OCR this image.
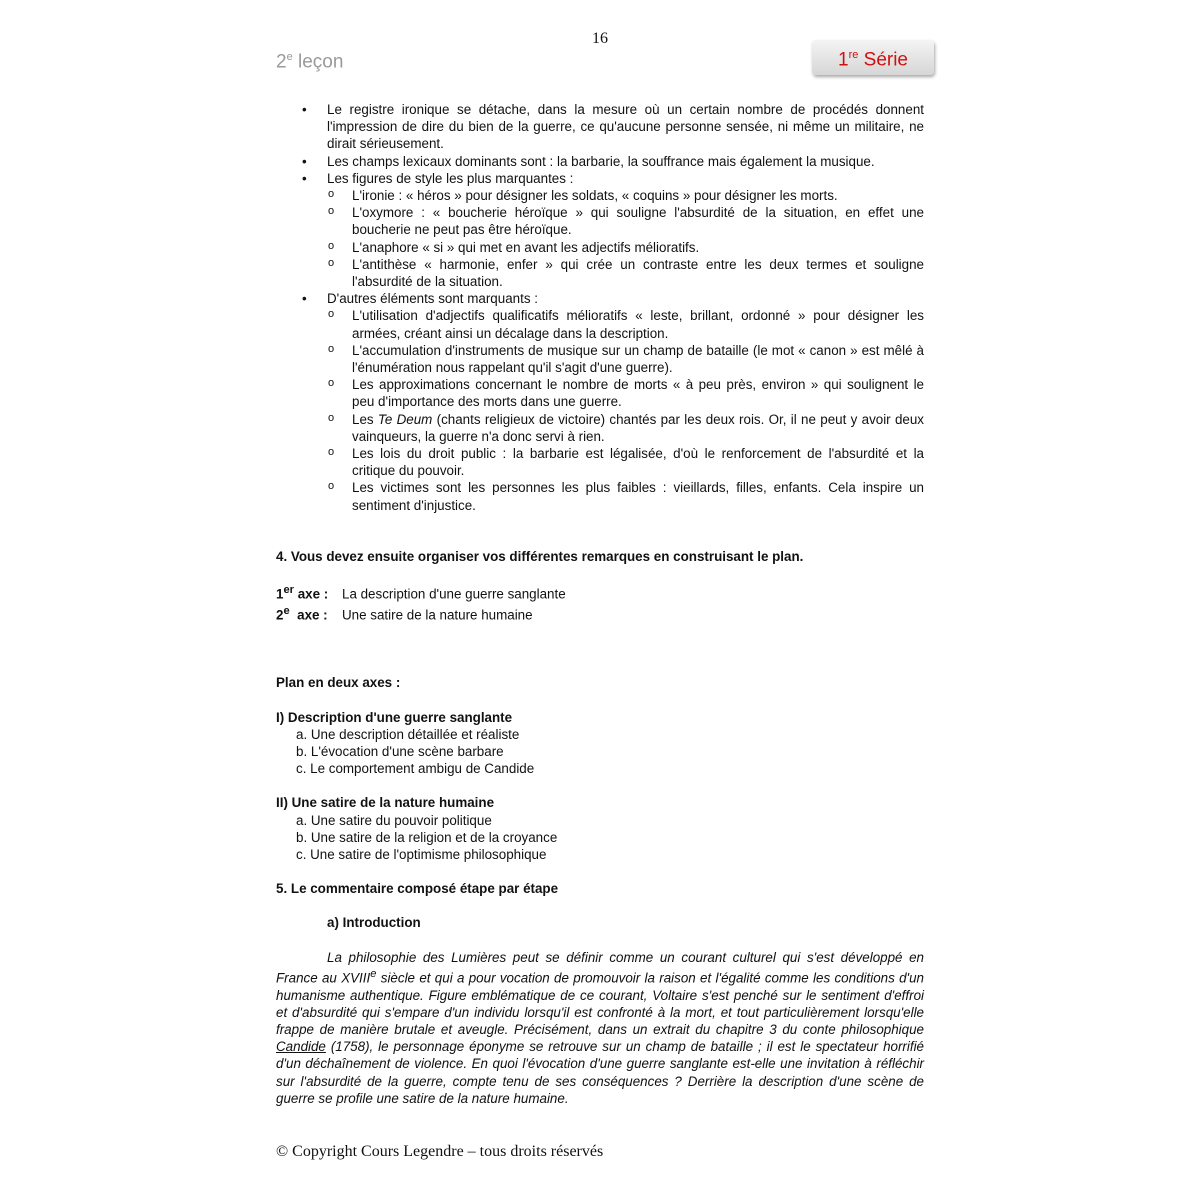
16
2e leçon	1re Série
• Le registre ironique se détache, dans la mesure où un certain nombre de procédés donnent l'impression de dire du bien de la guerre, ce qu'aucune personne sensée, ni même un militaire, ne dirait sérieusement.
• Les champs lexicaux dominants sont : la barbarie, la souffrance mais également la musique.
• Les figures de style les plus marquantes :
o L'ironie : « héros » pour désigner les soldats, « coquins » pour désigner les morts.
o L'oxymore : « boucherie héroïque » qui souligne l'absurdité de la situation, en effet une boucherie ne peut pas être héroïque.
o L'anaphore « si » qui met en avant les adjectifs mélioratifs.
o L'antithèse « harmonie, enfer » qui crée un contraste entre les deux termes et souligne l'absurdité de la situation.
• D'autres éléments sont marquants :
o L'utilisation d'adjectifs qualificatifs mélioratifs « leste, brillant, ordonné » pour désigner les armées, créant ainsi un décalage dans la description.
o L'accumulation d'instruments de musique sur un champ de bataille (le mot « canon » est mêlé à l'énumération nous rappelant qu'il s'agit d'une guerre).
o Les approximations concernant le nombre de morts « à peu près, environ » qui soulignent le peu d'importance des morts dans une guerre.
o Les Te Deum (chants religieux de victoire) chantés par les deux rois. Or, il ne peut y avoir deux vainqueurs, la guerre n'a donc servi à rien.
o Les lois du droit public : la barbarie est légalisée, d'où le renforcement de l'absurdité et la critique du pouvoir.
o Les victimes sont les personnes les plus faibles : vieillards, filles, enfants. Cela inspire un sentiment d'injustice.

4. Vous devez ensuite organiser vos différentes remarques en construisant le plan.

1er axe : La description d'une guerre sanglante

2e axe : Une satire de la nature humaine

Plan en deux axes :

I) Description d'une guerre sanglante

a. Une description détaillée et réaliste

b. L'évocation d'une scène barbare

c. Le comportement ambigu de Candide

II) Une satire de la nature humaine

a. Une satire du pouvoir politique

b. Une satire de la religion et de la croyance

c. Une satire de l'optimisme philosophique

5. Le commentaire composé étape par étape

a) Introduction

La philosophie des Lumières peut se définir comme un courant culturel qui s'est développé en France au XVIIIe siècle et qui a pour vocation de promouvoir la raison et l'égalité comme les conditions d'un humanisme authentique. Figure emblématique de ce courant, Voltaire s'est penché sur le sentiment d'effroi et d'absurdité qui s'empare d'un individu lorsqu'il est confronté à la mort, et tout particulièrement lorsqu'elle frappe de manière brutale et aveugle. Précisément, dans un extrait du chapitre 3 du conte philosophique Candide (1758), le personnage éponyme se retrouve sur un champ de bataille ; il est le spectateur horrifié d'un déchaînement de violence. En quoi l'évocation d'une guerre sanglante est-elle une invitation à réfléchir sur l'absurdité de la guerre, compte tenu de ses conséquences ? Derrière la description d'une scène de guerre se profile une satire de la nature humaine.

© Copyright Cours Legendre – tous droits réservés
